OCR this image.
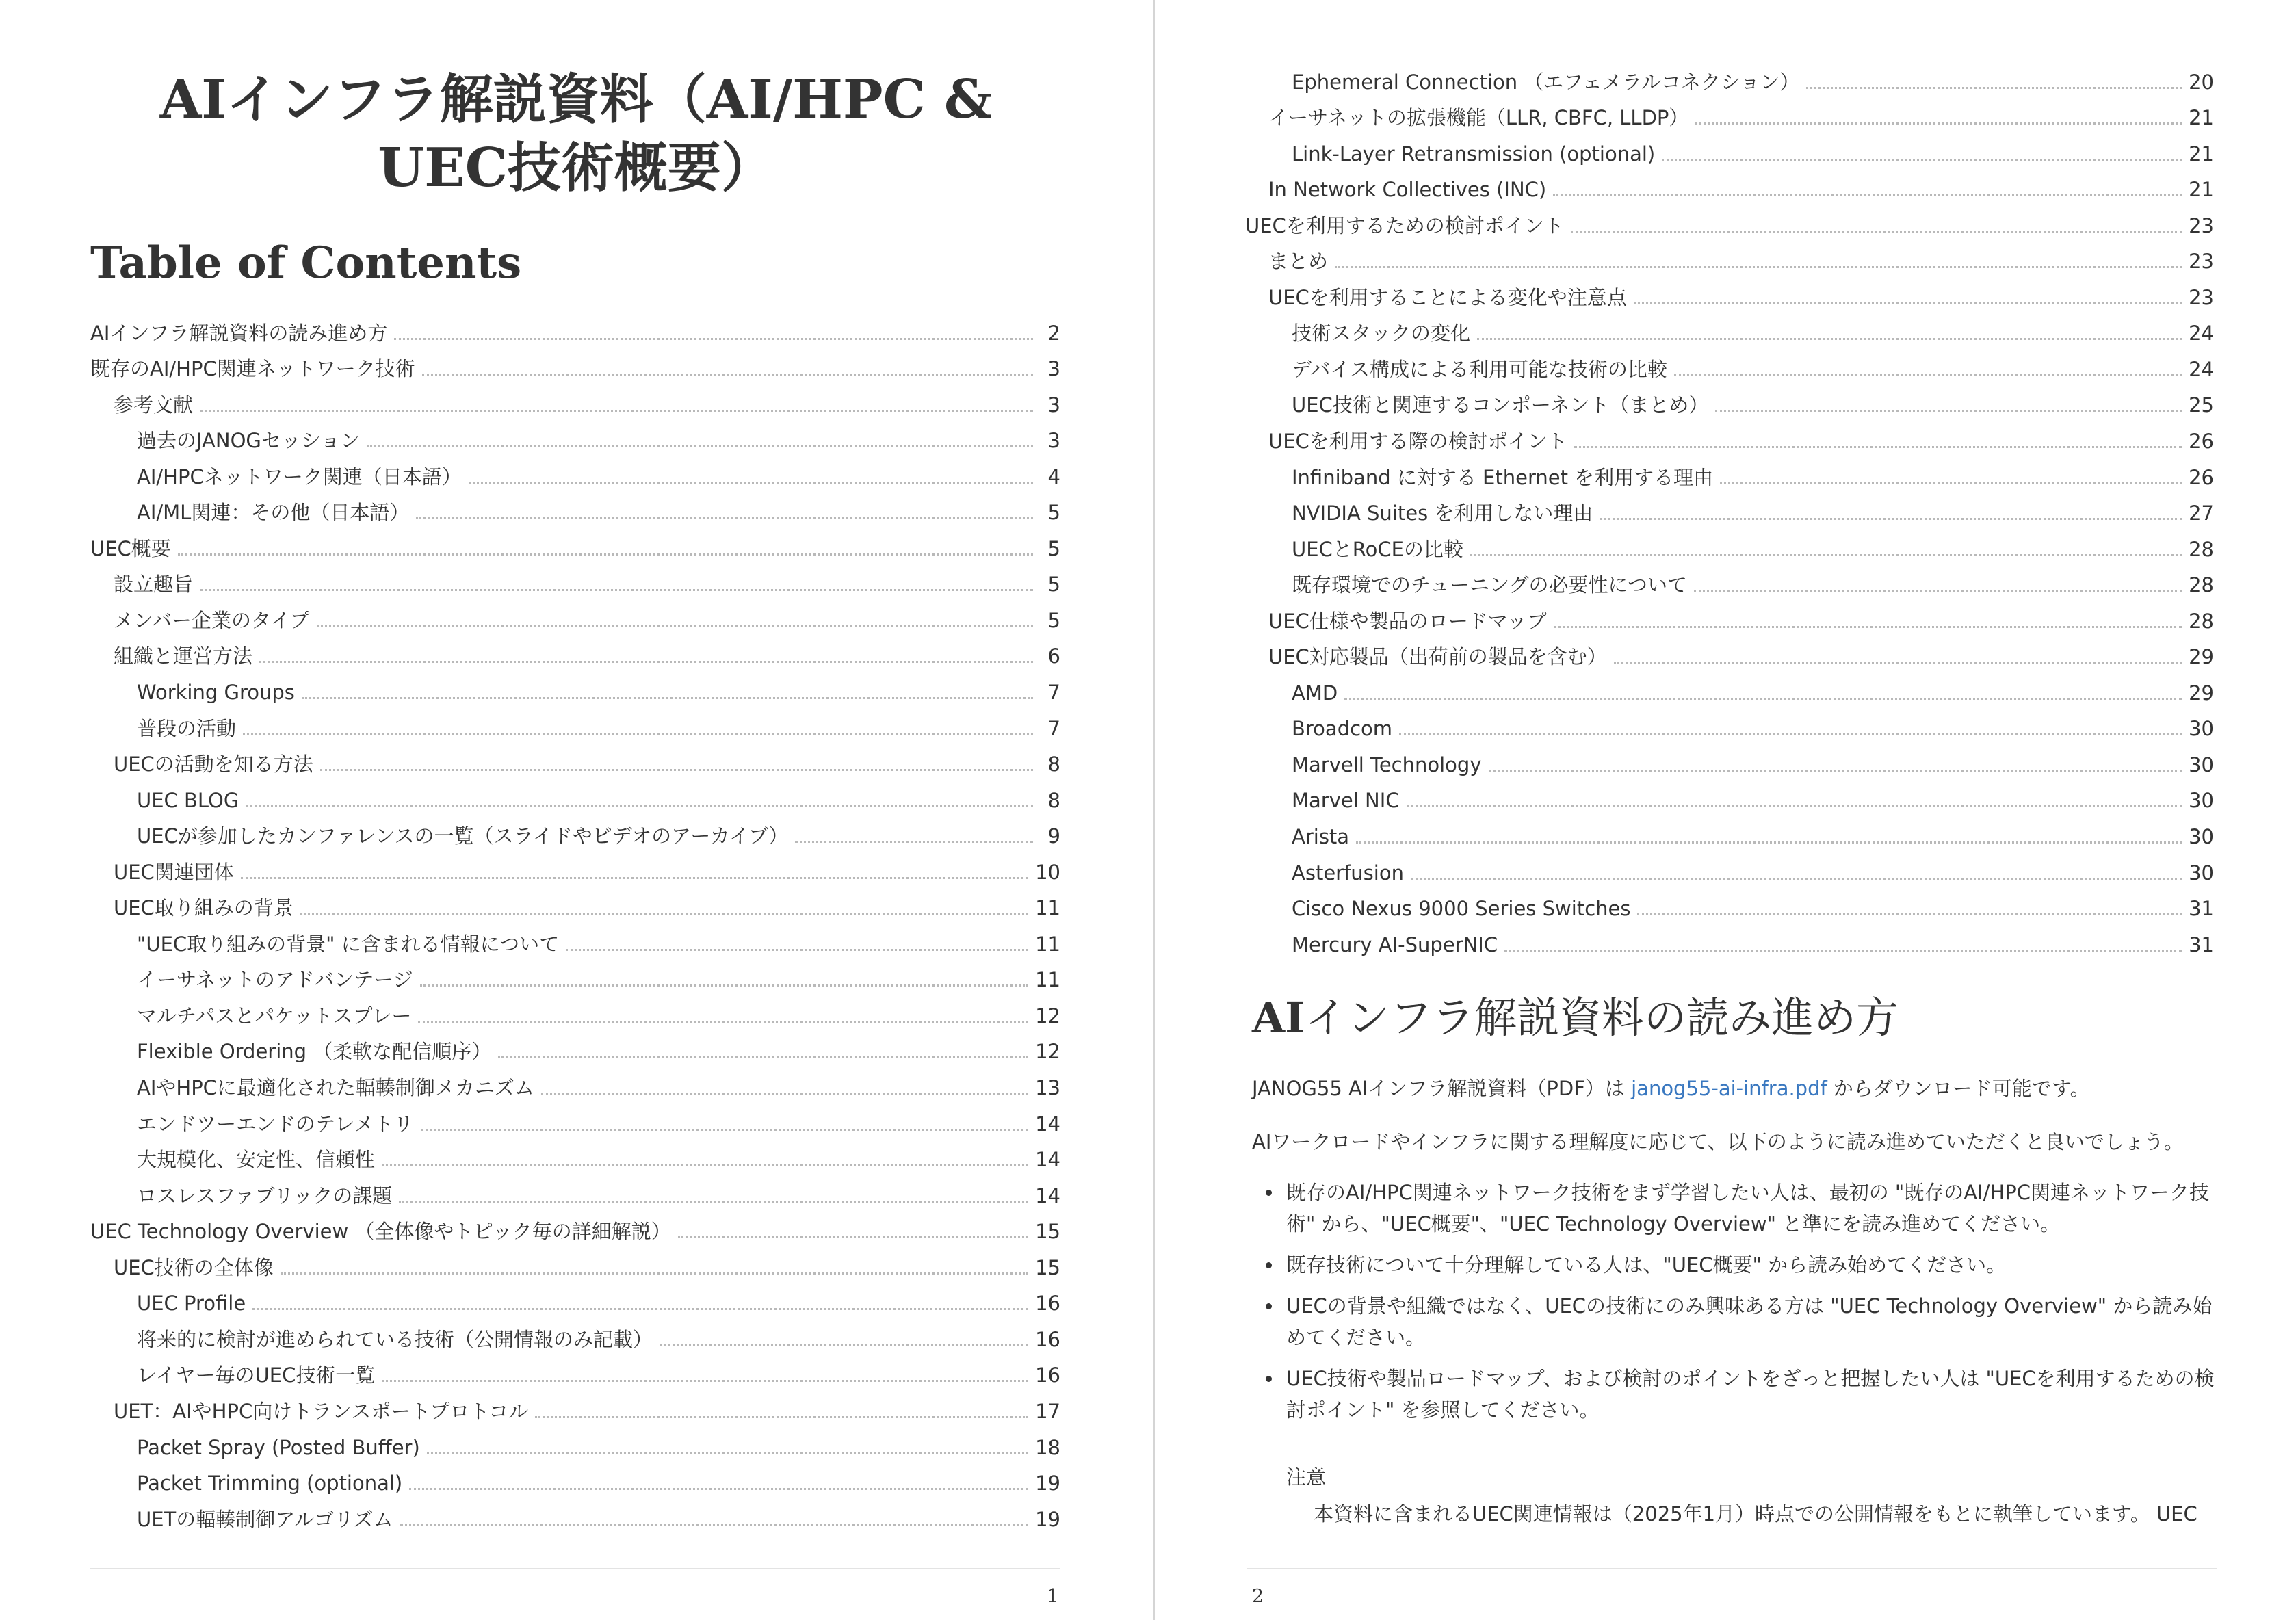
AIインフラ解説資料（AI/HPC & UEC技術概要）
Table of Contents
AIインフラ解説資料の読み進め方	2
既存のAI/HPC関連ネットワーク技術	3
参考文献	3
過去のJANOGセッション	3
AI/HPCネットワーク関連（日本語）	4
AI/ML関連：その他（日本語）	5
UEC概要	5
設立趣旨	5
メンバー企業のタイプ	5
組織と運営方法	6
Working Groups	7
普段の活動	7
UECの活動を知る方法	8
UEC BLOG	8
UECが参加したカンファレンスの一覧（スライドやビデオのアーカイブ）	9
UEC関連団体	10
UEC取り組みの背景	11
"UEC取り組みの背景" に含まれる情報について	11
イーサネットのアドバンテージ	11
マルチパスとパケットスプレー	12
Flexible Ordering （柔軟な配信順序）	12
AIやHPCに最適化された輻輳制御メカニズム	13
エンドツーエンドのテレメトリ	14
大規模化、安定性、信頼性	14
ロスレスファブリックの課題	14
UEC Technology Overview （全体像やトピック毎の詳細解説）	15
UEC技術の全体像	15
UEC Profile	16
将来的に検討が進められている技術（公開情報のみ記載）	16
レイヤー毎のUEC技術一覧	16
UET：AIやHPC向けトランスポートプロトコル	17
Packet Spray (Posted Buffer)	18
Packet Trimming (optional)	19
UETの輻輳制御アルゴリズム	19
1
Ephemeral Connection （エフェメラルコネクション）	20
イーサネットの拡張機能（LLR, CBFC, LLDP）	21
Link-Layer Retransmission (optional)	21
In Network Collectives (INC)	21
UECを利用するための検討ポイント	23
まとめ	23
UECを利用することによる変化や注意点	23
技術スタックの変化	24
デバイス構成による利用可能な技術の比較	24
UEC技術と関連するコンポーネント（まとめ）	25
UECを利用する際の検討ポイント	26
Infiniband に対する Ethernet を利用する理由	26
NVIDIA Suites を利用しない理由	27
UECとRoCEの比較	28
既存環境でのチューニングの必要性について	28
UEC仕様や製品のロードマップ	28
UEC対応製品（出荷前の製品を含む）	29
AMD	29
Broadcom	30
Marvell Technology	30
Marvel NIC	30
Arista	30
Asterfusion	30
Cisco Nexus 9000 Series Switches	31
Mercury AI-SuperNIC	31
AIインフラ解説資料の読み進め方

JANOG55 AIインフラ解説資料（PDF）は janog55-ai-infra.pdf からダウンロード可能です。

AIワークロードやインフラに関する理解度に応じて、以下のように読み進めていただくと良いでしょう。

既存のAI/HPC関連ネットワーク技術をまず学習したい人は、最初の "既存のAI/HPC関連ネットワーク技術" から、"UEC概要"、"UEC Technology Overview" と準にを読み進めてください。
既存技術について十分理解している人は、"UEC概要" から読み始めてください。
UECの背景や組織ではなく、UECの技術にのみ興味ある方は "UEC Technology Overview" から読み始めてください。
UEC技術や製品ロードマップ、および検討のポイントをざっと把握したい人は "UECを利用するための検討ポイント" を参照してください。
注意
本資料に含まれるUEC関連情報は（2025年1月）時点での公開情報をもとに執筆しています。 UEC
2
